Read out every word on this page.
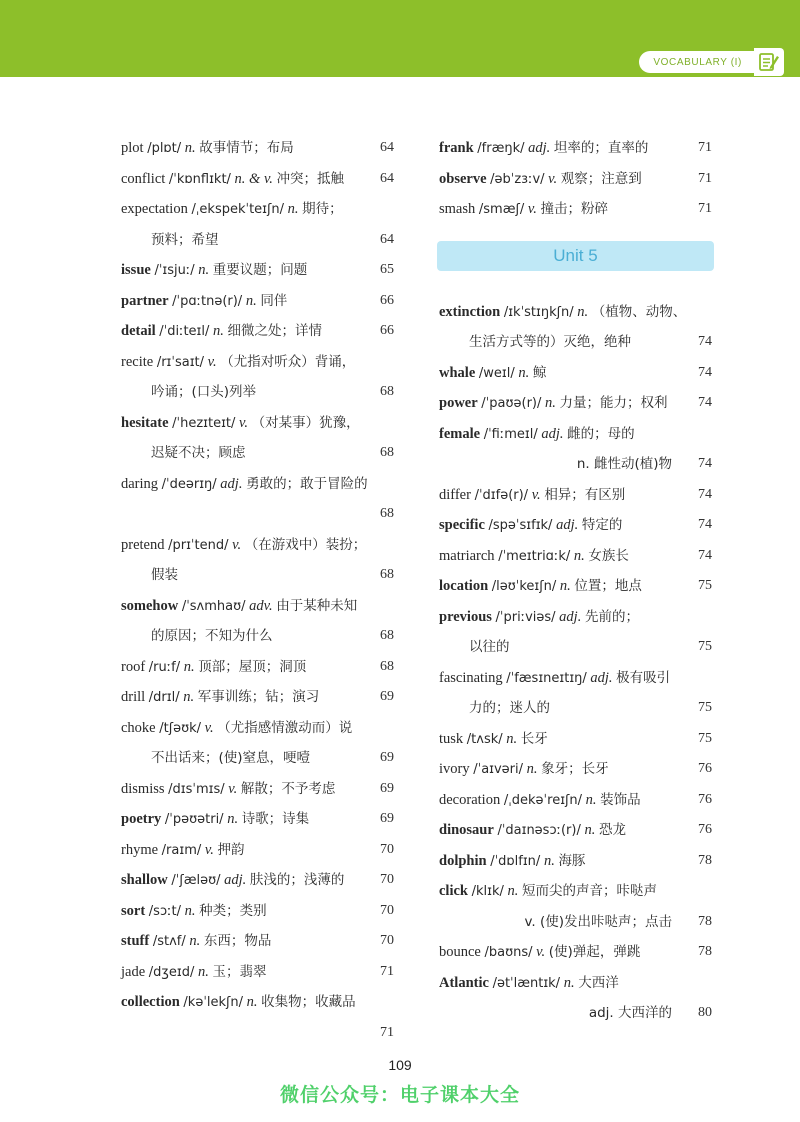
VOCABULARY (I)
plot /plɒt/ n. 故事情节；布局	64
conflict /ˈkɒnflɪkt/ n. & v. 冲突；抵触	64
expectation /ˌekspekˈteɪʃn/ n. 期待；
预料；希望	64
issue /ˈɪsjuː/ n. 重要议题；问题	65
partner /ˈpɑːtnə(r)/ n. 同伴	66
detail /ˈdiːteɪl/ n. 细微之处；详情	66
recite /rɪˈsaɪt/ v. （尤指对听众）背诵，
吟诵；(口头)列举	68
hesitate /ˈhezɪteɪt/ v. （对某事）犹豫，
迟疑不决；顾虑	68
daring /ˈdeərɪŋ/ adj. 勇敢的；敢于冒险的
68
pretend /prɪˈtend/ v. （在游戏中）装扮；
假装	68
somehow /ˈsʌmhaʊ/ adv. 由于某种未知
的原因；不知为什么	68
roof /ruːf/ n. 顶部；屋顶；洞顶	68
drill /drɪl/ n. 军事训练；钻；演习	69
choke /tʃəʊk/ v. （尤指感情激动而）说
不出话来；(使)窒息，哽噎	69
dismiss /dɪsˈmɪs/ v. 解散；不予考虑	69
poetry /ˈpəʊətri/ n. 诗歌；诗集	69
rhyme /raɪm/ v. 押韵	70
shallow /ˈʃæləʊ/ adj. 肤浅的；浅薄的	70
sort /sɔːt/ n. 种类；类别	70
stuff /stʌf/ n. 东西；物品	70
jade /dʒeɪd/ n. 玉；翡翠	71
collection /kəˈlekʃn/ n. 收集物；收藏品
71
frank /fræŋk/ adj. 坦率的；直率的	71
observe /əbˈzɜːv/ v. 观察；注意到	71
smash /smæʃ/ v. 撞击；粉碎	71
Unit 5
extinction /ɪkˈstɪŋkʃn/ n. （植物、动物、
生活方式等的）灭绝，绝种	74
whale /weɪl/ n. 鲸	74
power /ˈpaʊə(r)/ n. 力量；能力；权利 74
female /ˈfiːmeɪl/ adj. 雌的；母的
n. 雌性动(植)物 74
differ /ˈdɪfə(r)/ v. 相异；有区别	74
specific /spəˈsɪfɪk/ adj. 特定的	74
matriarch /ˈmeɪtriɑːk/ n. 女族长	74
location /ləʊˈkeɪʃn/ n. 位置；地点	75
previous /ˈpriːviəs/ adj. 先前的；
以往的	75
fascinating /ˈfæsɪneɪtɪŋ/ adj. 极有吸引
力的；迷人的	75
tusk /tʌsk/ n. 长牙	75
ivory /ˈaɪvəri/ n. 象牙；长牙	76
decoration /ˌdekəˈreɪʃn/ n. 装饰品	76
dinosaur /ˈdaɪnəsɔː(r)/ n. 恐龙	76
dolphin /ˈdɒlfɪn/ n. 海豚	78
click /klɪk/ n. 短而尖的声音；咔哒声
v. (使)发出咔哒声；点击 78
bounce /baʊns/ v. (使)弹起，弹跳	78
Atlantic /ətˈlæntɪk/ n. 大西洋
adj. 大西洋的 80
109
微信公众号：电子课本大全
